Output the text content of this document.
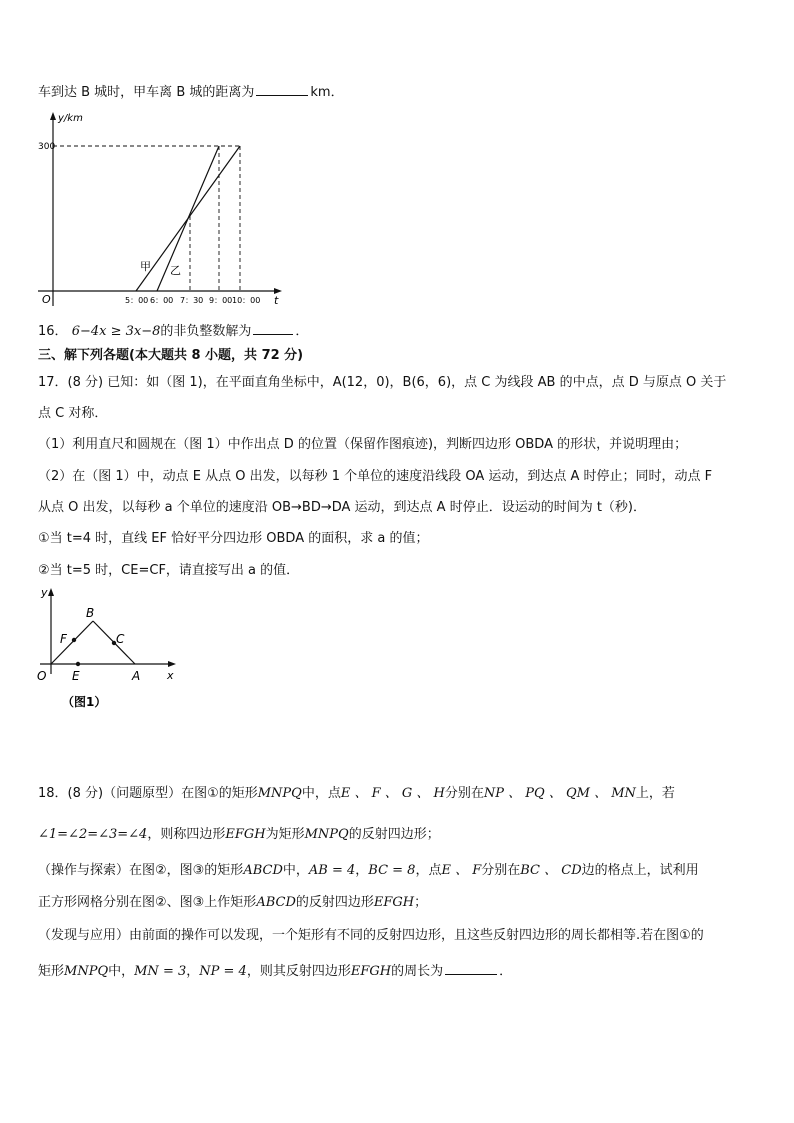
车到达 B 城时，甲车离 B 城的距离为	km．
y/km
300
O	t
甲 乙
5：00 6：00 7：30 9：00 10：00
16． 6−4x ≥ 3x−8的非负整数解为	．
三、解下列各题(本大题共 8 小题，共 72 分)
17．(8 分) 已知：如（图 1)，在平面直角坐标中，A(12，0)，B(6，6)，点 C 为线段 AB 的中点，点 D 与原点 O 关于
点 C 对称．
（1）利用直尺和圆规在（图 1）中作出点 D 的位置（保留作图痕迹)，判断四边形 OBDA 的形状，并说明理由；
（2）在（图 1）中，动点 E 从点 O 出发，以每秒 1 个单位的速度沿线段 OA 运动，到达点 A 时停止；同时，动点 F
从点 O 出发，以每秒 a 个单位的速度沿 OB→BD→DA 运动，到达点 A 时停止．设运动的时间为 t（秒)．
①当 t=4 时，直线 EF 恰好平分四边形 OBDA 的面积，求 a 的值；
②当 t=5 时，CE=CF，请直接写出 a 的值．
y
x
O
B
F	C
E	A
（图1）
18．(8 分)（问题原型）在图①的矩形MNPQ中，点E 、 F 、 G 、 H分别在NP 、 PQ 、 QM 、 MN上，若
∠1=∠2=∠3=∠4，则称四边形EFGH为矩形MNPQ的反射四边形；
（操作与探索）在图②，图③的矩形ABCD中，AB = 4，BC = 8，点E 、 F分别在BC 、 CD边的格点上，试利用
正方形网格分别在图②、图③上作矩形ABCD的反射四边形EFGH；
（发现与应用）由前面的操作可以发现，一个矩形有不同的反射四边形，且这些反射四边形的周长都相等.若在图①的
矩形MNPQ中，MN = 3，NP = 4，则其反射四边形EFGH的周长为	．
